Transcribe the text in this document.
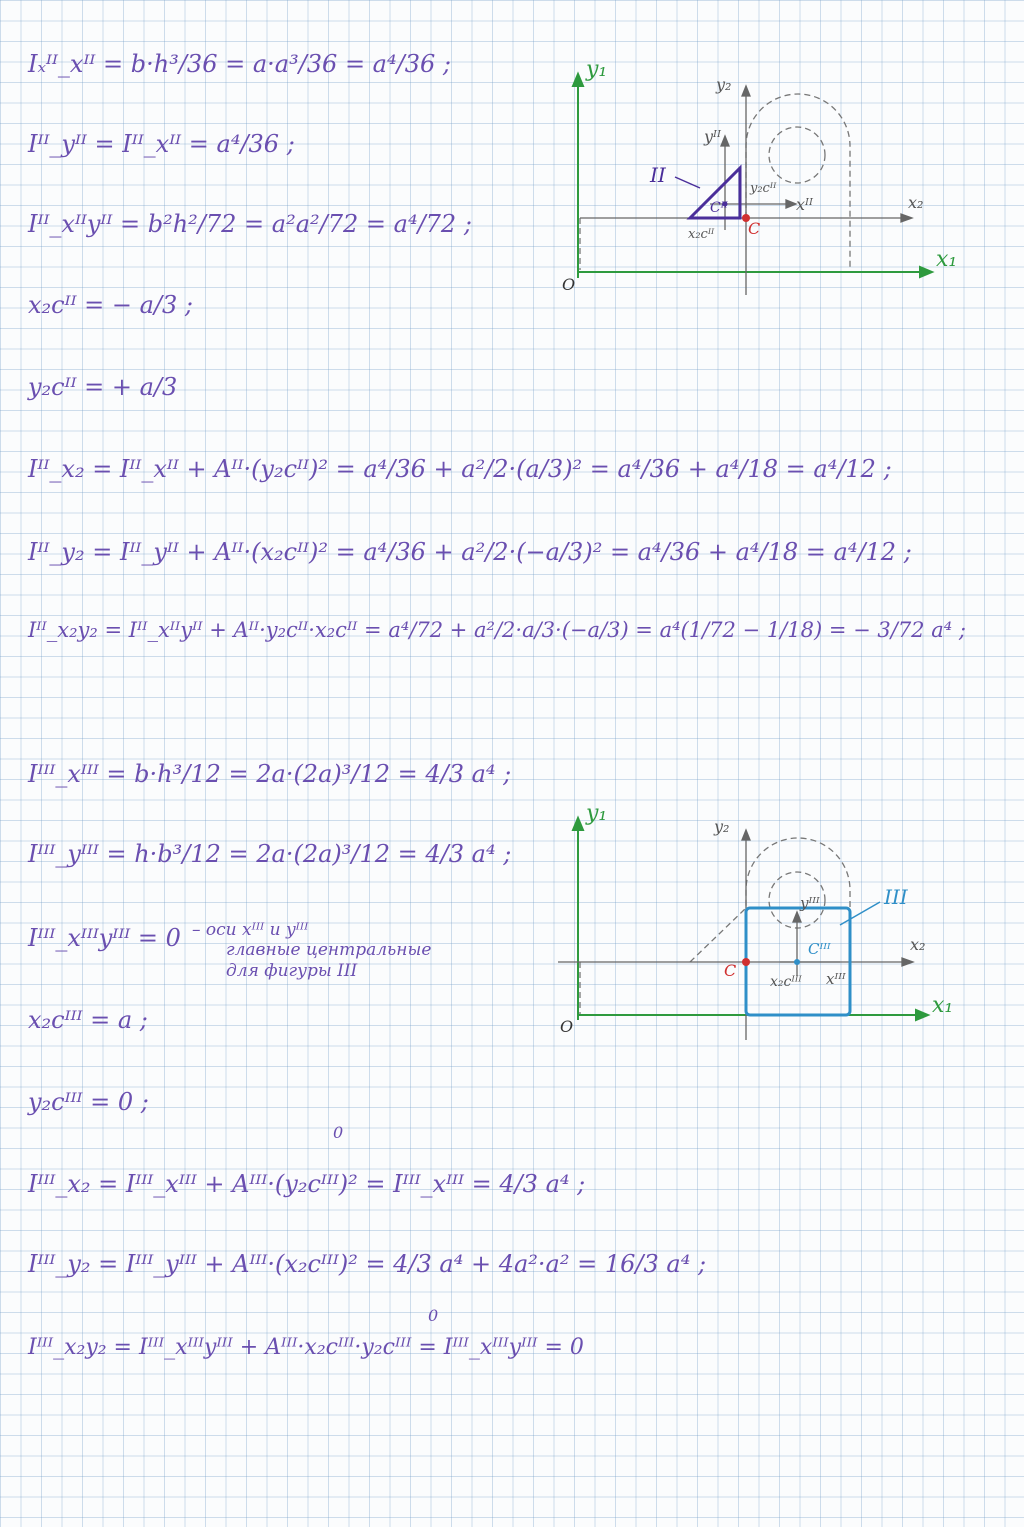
Iₓᴵᴵ_xᴵᴵ = b·h³/36 = a·a³/36 = a⁴/36 ;
Iᴵᴵ_yᴵᴵ = Iᴵᴵ_xᴵᴵ = a⁴/36 ;
Iᴵᴵ_xᴵᴵyᴵᴵ = b²h²/72 = a²a²/72 = a⁴/72 ;
x₂cᴵᴵ = − a/3 ;
y₂cᴵᴵ = + a/3
Iᴵᴵ_x₂ = Iᴵᴵ_xᴵᴵ + Aᴵᴵ·(y₂cᴵᴵ)² = a⁴/36 + a²/2·(a/3)² = a⁴/36 + a⁴/18 = a⁴/12 ;
Iᴵᴵ_y₂ = Iᴵᴵ_yᴵᴵ + Aᴵᴵ·(x₂cᴵᴵ)² = a⁴/36 + a²/2·(−a/3)² = a⁴/36 + a⁴/18 = a⁴/12 ;
Iᴵᴵ_x₂y₂ = Iᴵᴵ_xᴵᴵyᴵᴵ + Aᴵᴵ·y₂cᴵᴵ·x₂cᴵᴵ = a⁴/72 + a²/2·a/3·(−a/3) = a⁴(1/72 − 1/18) = − 3/72 a⁴ ;
Iᴵᴵᴵ_xᴵᴵᴵ = b·h³/12 = 2a·(2a)³/12 = 4/3 a⁴ ;
Iᴵᴵᴵ_yᴵᴵᴵ = h·b³/12 = 2a·(2a)³/12 = 4/3 a⁴ ;
Iᴵᴵᴵ_xᴵᴵᴵyᴵᴵᴵ = 0 – оси xᴵᴵᴵ и yᴵᴵᴵ
главные центральные
для фигуры III
x₂cᴵᴵᴵ = a ;
y₂cᴵᴵᴵ = 0 ;
Iᴵᴵᴵ_x₂ = Iᴵᴵᴵ_xᴵᴵᴵ + Aᴵᴵᴵ·(y₂cᴵᴵᴵ)² = Iᴵᴵᴵ_xᴵᴵᴵ = 4/3 a⁴ ;
0
Iᴵᴵᴵ_y₂ = Iᴵᴵᴵ_yᴵᴵᴵ + Aᴵᴵᴵ·(x₂cᴵᴵᴵ)² = 4/3 a⁴ + 4a²·a² = 16/3 a⁴ ;
Iᴵᴵᴵ_x₂y₂ = Iᴵᴵᴵ_xᴵᴵᴵyᴵᴵᴵ + Aᴵᴵᴵ·x₂cᴵᴵᴵ·y₂cᴵᴵᴵ = Iᴵᴵᴵ_xᴵᴵᴵyᴵᴵᴵ = 0
0
y₁
y₂
yᴵᴵ
x₂
x₁
xᴵᴵ
O
C
Cᴵᴵ
II
y₂cᴵᴵ
x₂cᴵᴵ
y₁
y₂
yᴵᴵᴵ
x₂
x₁
xᴵᴵᴵ
O
C
Cᴵᴵᴵ
III
x₂cᴵᴵᴵ
